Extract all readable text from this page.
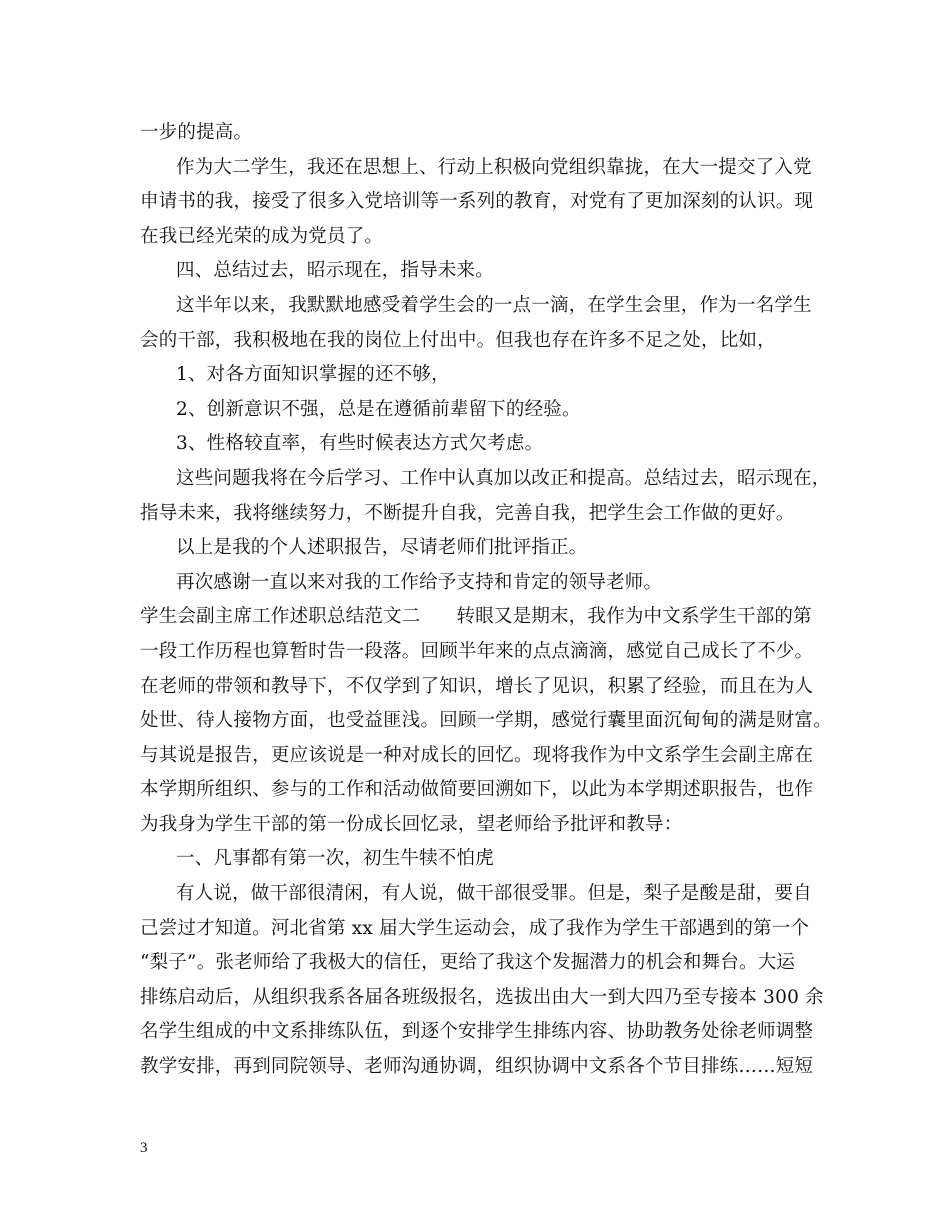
一步的提高。
作为大二学生，我还在思想上、行动上积极向党组织靠拢，在大一提交了入党
申请书的我，接受了很多入党培训等一系列的教育，对党有了更加深刻的认识。现
在我已经光荣的成为党员了。
四、总结过去，昭示现在，指导未来。
这半年以来，我默默地感受着学生会的一点一滴，在学生会里，作为一名学生
会的干部，我积极地在我的岗位上付出中。但我也存在许多不足之处，比如，
1、对各方面知识掌握的还不够，
2、创新意识不强，总是在遵循前辈留下的经验。
3、性格较直率，有些时候表达方式欠考虑。
这些问题我将在今后学习、工作中认真加以改正和提高。总结过去，昭示现在，
指导未来，我将继续努力，不断提升自我，完善自我，把学生会工作做的更好。
以上是我的个人述职报告，尽请老师们批评指正。
再次感谢一直以来对我的工作给予支持和肯定的领导老师。
学生会副主席工作述职总结范文二 转眼又是期末，我作为中文系学生干部的第
一段工作历程也算暂时告一段落。回顾半年来的点点滴滴，感觉自己成长了不少。
在老师的带领和教导下，不仅学到了知识，增长了见识，积累了经验，而且在为人
处世、待人接物方面，也受益匪浅。回顾一学期，感觉行囊里面沉甸甸的满是财富。
与其说是报告，更应该说是一种对成长的回忆。现将我作为中文系学生会副主席在
本学期所组织、参与的工作和活动做简要回溯如下，以此为本学期述职报告，也作
为我身为学生干部的第一份成长回忆录，望老师给予批评和教导：
一、凡事都有第一次，初生牛犊不怕虎
有人说，做干部很清闲，有人说，做干部很受罪。但是，梨子是酸是甜，要自
己尝过才知道。河北省第 xx 届大学生运动会，成了我作为学生干部遇到的第一个
“梨子”。张老师给了我极大的信任，更给了我这个发掘潜力的机会和舞台。大运
排练启动后，从组织我系各届各班级报名，选拔出由大一到大四乃至专接本 300 余
名学生组成的中文系排练队伍，到逐个安排学生排练内容、协助教务处徐老师调整
教学安排，再到同院领导、老师沟通协调，组织协调中文系各个节目排练……短短
3
